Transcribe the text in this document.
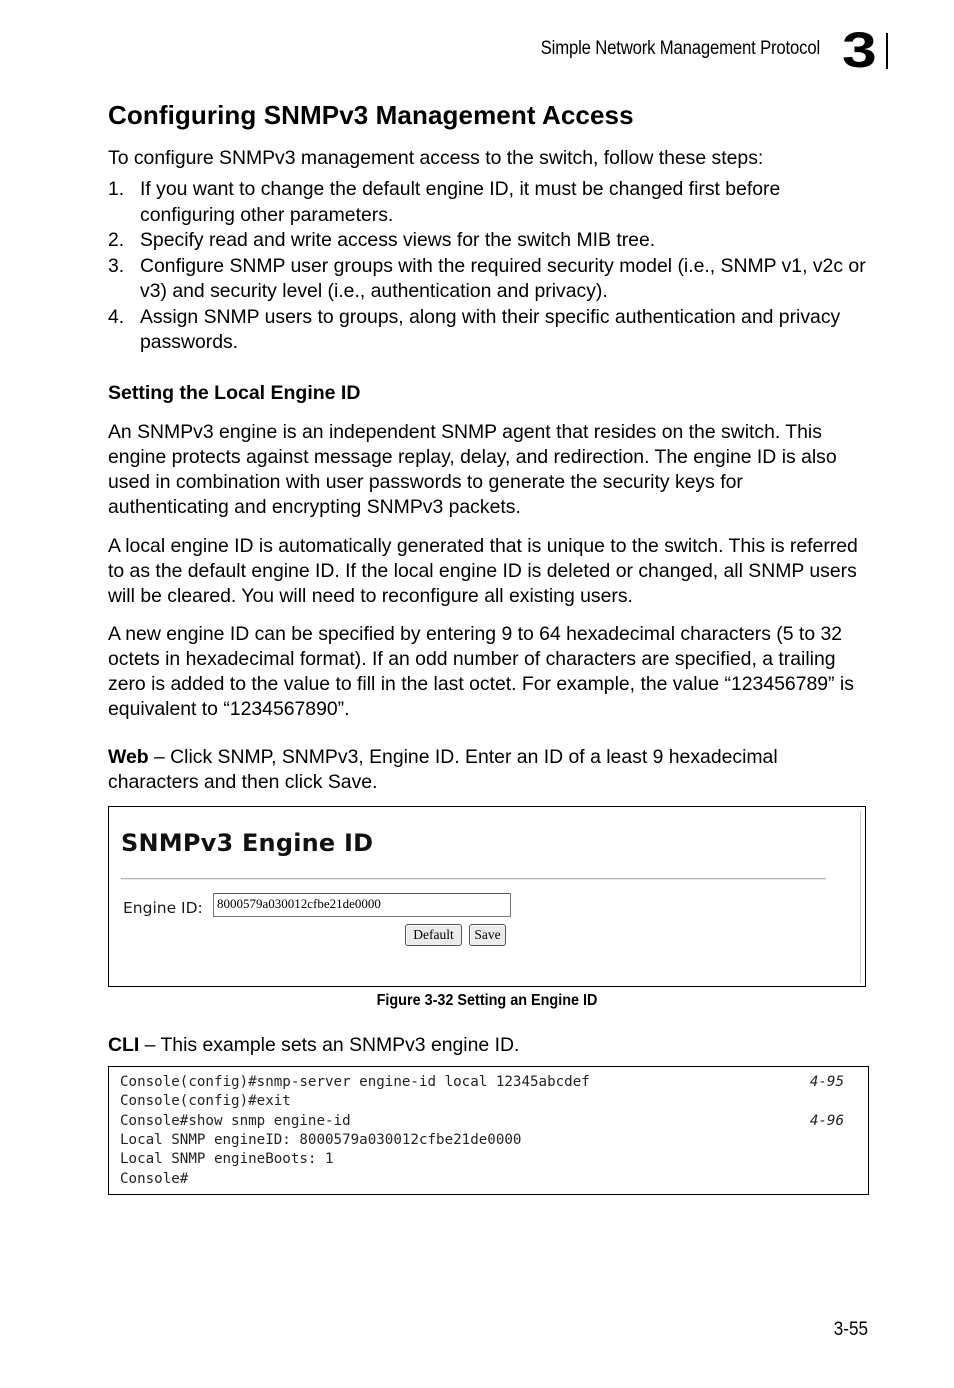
Simple Network Management Protocol 3
Configuring SNMPv3 Management Access

To configure SNMPv3 management access to the switch, follow these steps:

1. If you want to change the default engine ID, it must be changed first before configuring other parameters.
2. Specify read and write access views for the switch MIB tree.
3. Configure SNMP user groups with the required security model (i.e., SNMP v1, v2c or v3) and security level (i.e., authentication and privacy).
4. Assign SNMP users to groups, along with their specific authentication and privacy passwords.
Setting the Local Engine ID

An SNMPv3 engine is an independent SNMP agent that resides on the switch. This engine protects against message replay, delay, and redirection. The engine ID is also used in combination with user passwords to generate the security keys for authenticating and encrypting SNMPv3 packets.

A local engine ID is automatically generated that is unique to the switch. This is referred to as the default engine ID. If the local engine ID is deleted or changed, all SNMP users will be cleared. You will need to reconfigure all existing users.

A new engine ID can be specified by entering 9 to 64 hexadecimal characters (5 to 32 octets in hexadecimal format). If an odd number of characters are specified, a trailing zero is added to the value to fill in the last octet. For example, the value “123456789” is equivalent to “1234567890”.

Web – Click SNMP, SNMPv3, Engine ID. Enter an ID of a least 9 hexadecimal characters and then click Save.

SNMPv3 Engine ID
Engine ID:	8000579a030012cfbe21de0000
Default	Save
Figure 3-32 Setting an Engine ID

CLI – This example sets an SNMPv3 engine ID.

Console(config)#snmp-server engine-id local 12345abcdef	4-95
Console(config)#exit
Console#show snmp engine-id	4-96
Local SNMP engineID: 8000579a030012cfbe21de0000
Local SNMP engineBoots: 1
Console#
3-55
